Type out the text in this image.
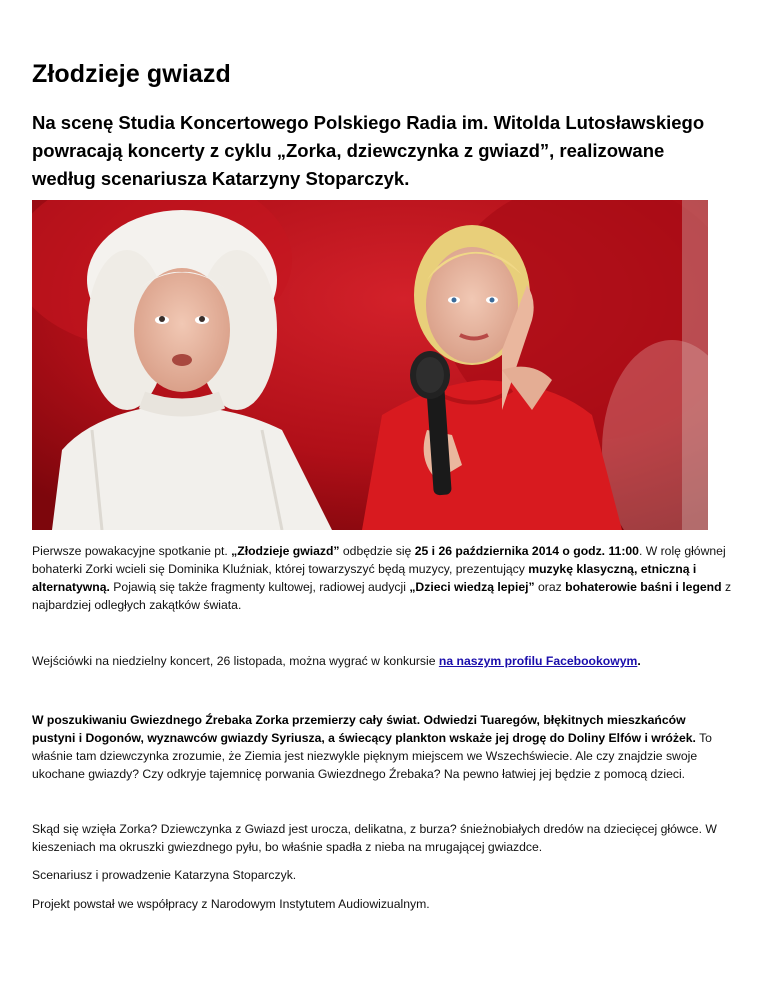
Złodzieje gwiazd

Na scenę Studia Koncertowego Polskiego Radia im. Witolda Lutosławskiego powracają koncerty z cyklu „Zorka, dziewczynka z gwiazd”, realizowane według scenariusza Katarzyny Stoparczyk.

Pierwsze powakacyjne spotkanie pt. „Złodzieje gwiazd” odbędzie się 25 i 26 października 2014 o godz. 11:00. W rolę głównej bohaterki Zorki wcieli się Dominika Kluźniak, której towarzyszyć będą muzycy, prezentujący muzykę klasyczną, etniczną i alternatywną. Pojawią się także fragmenty kultowej, radiowej audycji „Dzieci wiedzą lepiej” oraz bohaterowie baśni i legend z najbardziej odległych zakątków świata.

Wejściówki na niedzielny koncert, 26 listopada, można wygrać w konkursie na naszym profilu Facebookowym.

W poszukiwaniu Gwiezdnego Źrebaka Zorka przemierzy cały świat. Odwiedzi Tuaregów, błękitnych mieszkańców pustyni i Dogonów, wyznawców gwiazdy Syriusza, a świecący plankton wskaże jej drogę do Doliny Elfów i wróżek. To właśnie tam dziewczynka zrozumie, że Ziemia jest niezwykle pięknym miejscem we Wszechświecie. Ale czy znajdzie swoje ukochane gwiazdy? Czy odkryje tajemnicę porwania Gwiezdnego Źrebaka? Na pewno łatwiej jej będzie z pomocą dzieci.

Skąd się wzięła Zorka? Dziewczynka z Gwiazd jest urocza, delikatna, z burza? śnieżnobiałych dredów na dziecięcej główce. W kieszeniach ma okruszki gwiezdnego pyłu, bo właśnie spadła z nieba na mrugającej gwiazdce.

Scenariusz i prowadzenie Katarzyna Stoparczyk.

Projekt powstał we współpracy z Narodowym Instytutem Audiowizualnym.
